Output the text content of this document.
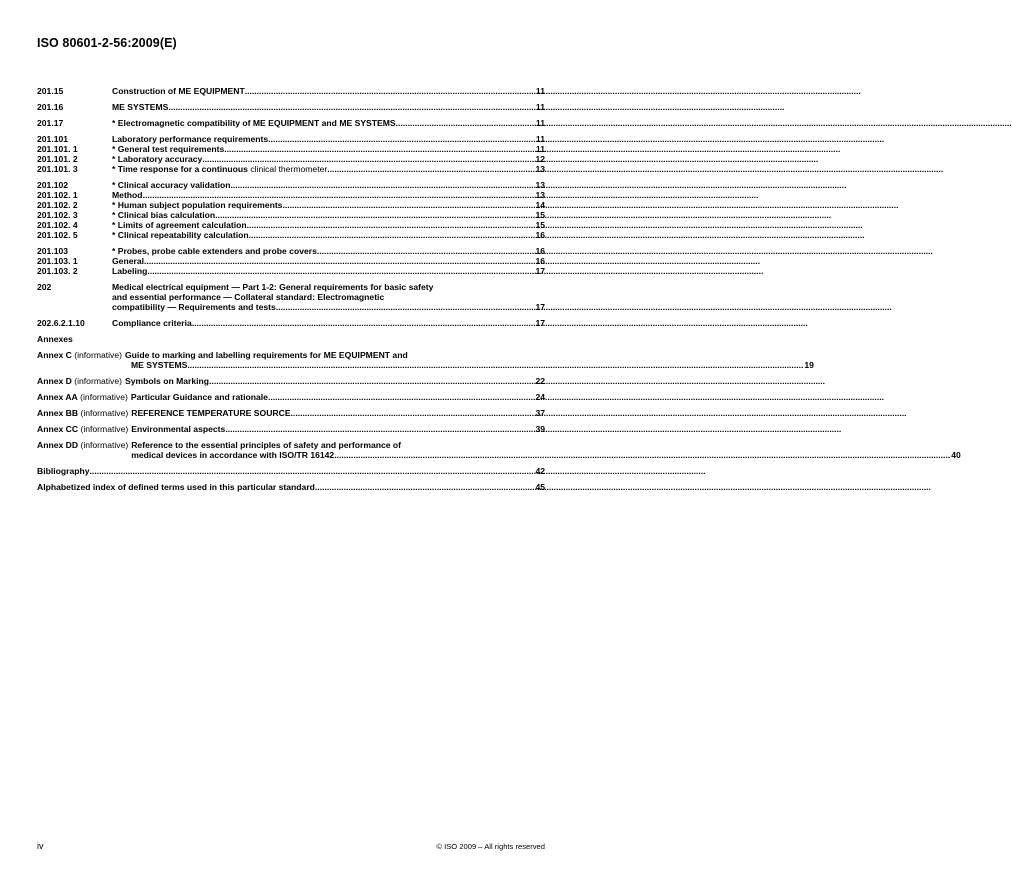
ISO 80601-2-56:2009(E)
201.15	Construction of ME EQUIPMENT .....	11
201.16	ME SYSTEMS .....	11
201.17	* Electromagnetic compatibility of ME EQUIPMENT and ME SYSTEMS .....	11
201.101	Laboratory performance requirements .....	11
201.101. 1	* General test requirements .....	11
201.101. 2	* Laboratory accuracy .....	12
201.101. 3	* Time response for a continuous clinical thermometer .....	13
201.102	* Clinical accuracy validation .....	13
201.102. 1	Method .....	13
201.102. 2	* Human subject population requirements .....	14
201.102. 3	* Clinical bias calculation .....	15
201.102. 4	* Limits of agreement calculation .....	15
201.102. 5	* Clinical repeatability calculation .....	16
201.103	* Probes, probe cable extenders and probe covers .....	16
201.103. 1	General .....	16
201.103. 2	Labeling .....	17
202	Medical electrical equipment — Part 1-2: General requirements for basic safety
and essential performance — Collateral standard: Electromagnetic
compatibility — Requirements and tests .....	17
202.6.2.1.10	Compliance criteria .....	17
Annexes
Annex C (informative) Guide to marking and labelling requirements for ME EQUIPMENT and
ME SYSTEMS .....	19
Annex D (informative) Symbols on Marking .....	22
Annex AA (informative) Particular Guidance and rationale .....	24
Annex BB (informative) REFERENCE TEMPERATURE SOURCE .....	37
Annex CC (informative) Environmental aspects .....	39
Annex DD (informative) Reference to the essential principles of safety and performance of
medical devices in accordance with ISO/TR 16142 .....	40
Bibliography .....	42
Alphabetized index of defined terms used in this particular standard .....	45
iv	© ISO 2009 – All rights reserved
